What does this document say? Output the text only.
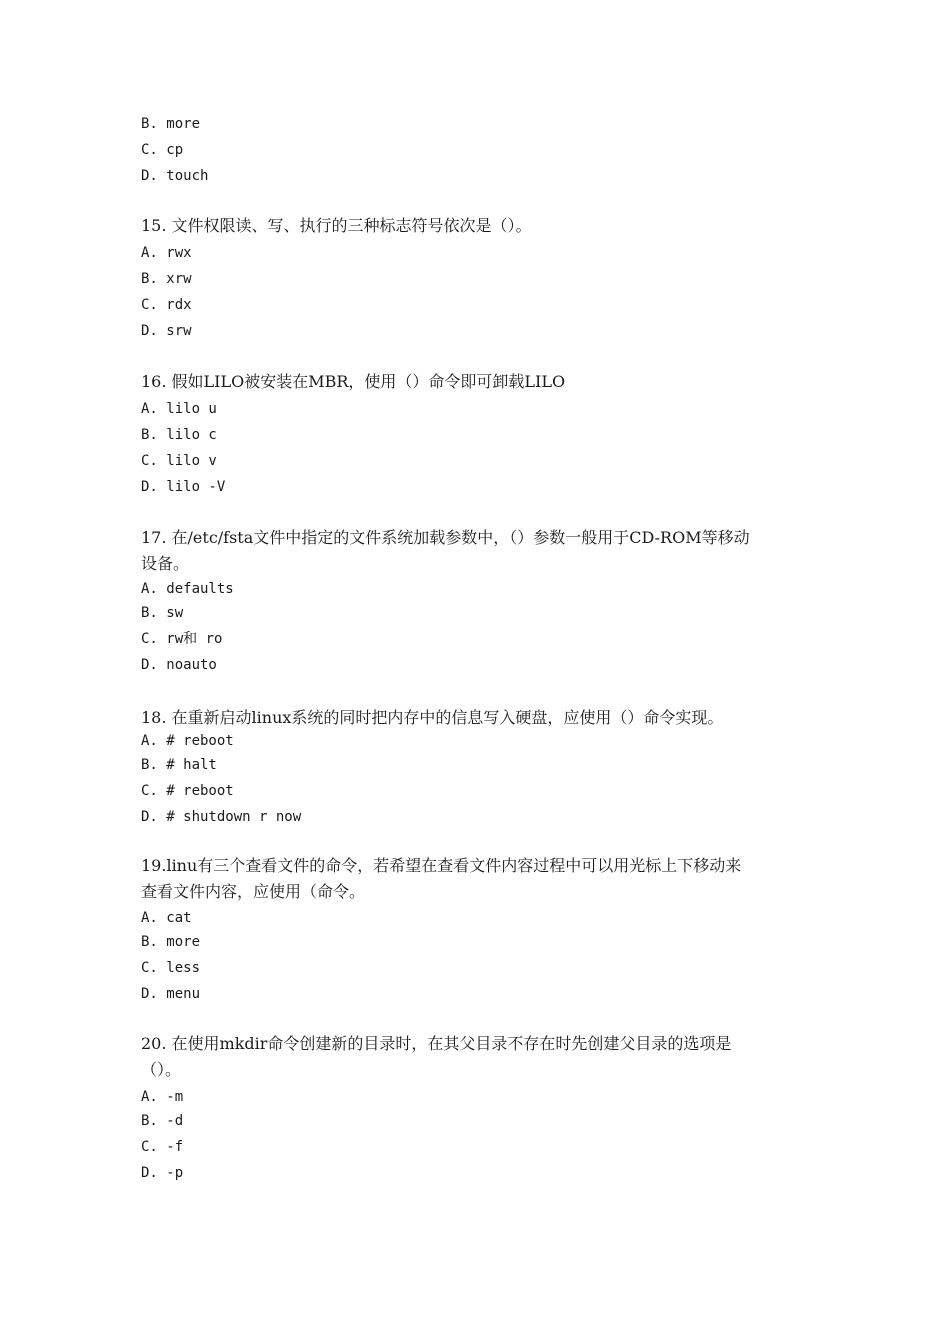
B. more
C. cp
D. touch
15. 文件权限读、写、执行的三种标志符号依次是（）。
A. rwx
B. xrw
C. rdx
D. srw
16. 假如LILO被安装在MBR，使用（）命令即可卸载LILO
A. lilo u
B. lilo c
C. lilo v
D. lilo -V
17. 在/etc/fsta文件中指定的文件系统加载参数中，（）参数一般用于CD-ROM等移动
设备。
A. defaults
B. sw
C. rw和 ro
D. noauto
18. 在重新启动linux系统的同时把内存中的信息写入硬盘，应使用（）命令实现。
A. # reboot
B. # halt
C. # reboot
D. # shutdown r now
19.linu有三个查看文件的命令，若希望在查看文件内容过程中可以用光标上下移动来
查看文件内容，应使用（命令。
A. cat
B. more
C. less
D. menu
20. 在使用mkdir命令创建新的目录时，在其父目录不存在时先创建父目录的选项是
（）。
A. -m
B. -d
C. -f
D. -p
